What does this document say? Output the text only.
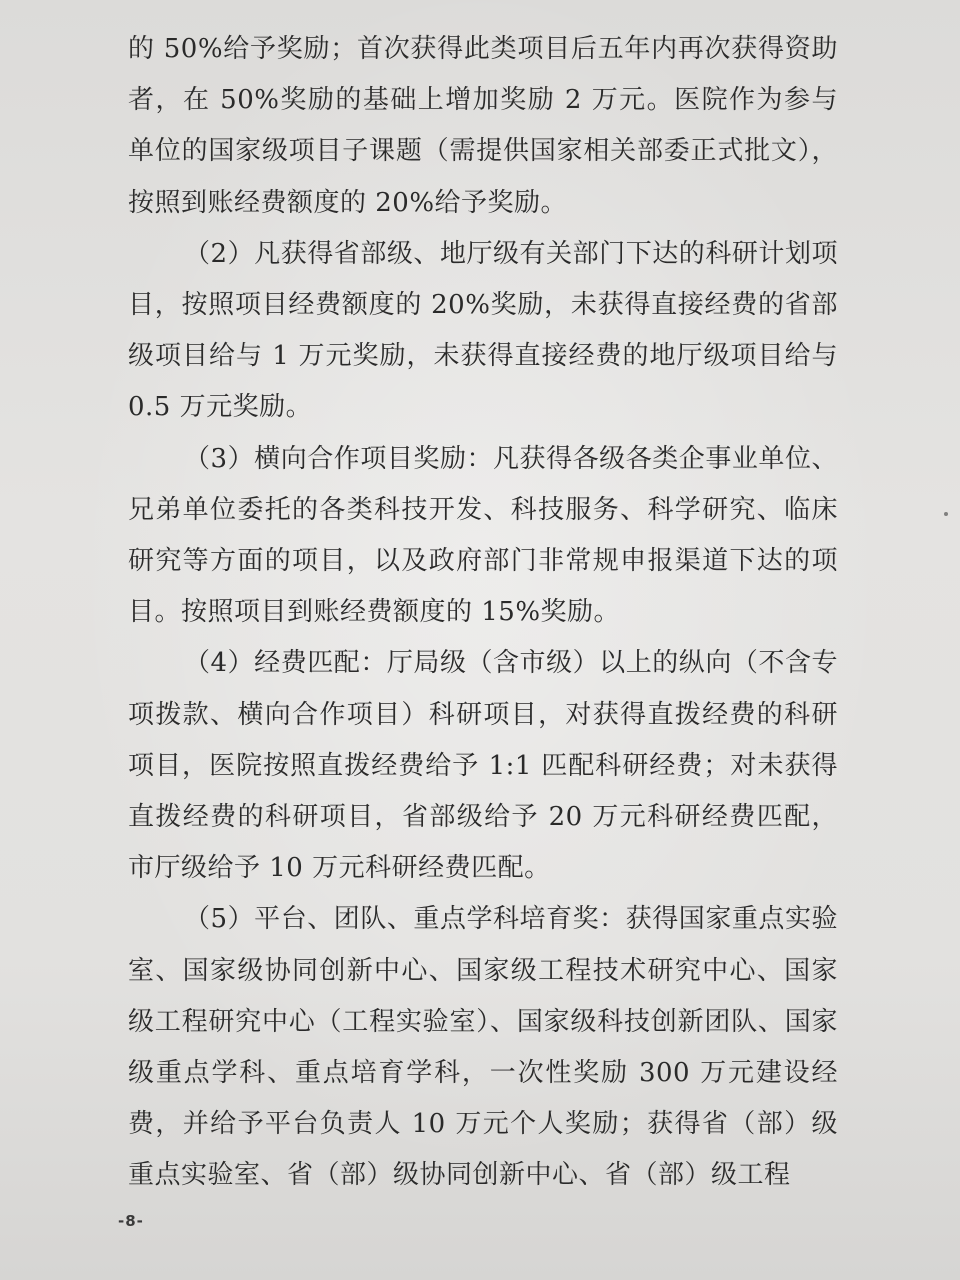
的 50%给予奖励；首次获得此类项目后五年内再次获得资助者，在 50%奖励的基础上增加奖励 2 万元。医院作为参与单位的国家级项目子课题（需提供国家相关部委正式批文），按照到账经费额度的 20%给予奖励。

（2）凡获得省部级、地厅级有关部门下达的科研计划项目，按照项目经费额度的 20%奖励，未获得直接经费的省部级项目给与 1 万元奖励，未获得直接经费的地厅级项目给与 0.5 万元奖励。

（3）横向合作项目奖励：凡获得各级各类企事业单位、兄弟单位委托的各类科技开发、科技服务、科学研究、临床研究等方面的项目，以及政府部门非常规申报渠道下达的项目。按照项目到账经费额度的 15%奖励。

（4）经费匹配：厅局级（含市级）以上的纵向（不含专项拨款、横向合作项目）科研项目，对获得直拨经费的科研项目，医院按照直拨经费给予 1:1 匹配科研经费；对未获得直拨经费的科研项目，省部级给予 20 万元科研经费匹配，市厅级给予 10 万元科研经费匹配。

（5）平台、团队、重点学科培育奖：获得国家重点实验室、国家级协同创新中心、国家级工程技术研究中心、国家级工程研究中心（工程实验室）、国家级科技创新团队、国家级重点学科、重点培育学科，一次性奖励 300 万元建设经费，并给予平台负责人 10 万元个人奖励；获得省（部）级重点实验室、省（部）级协同创新中心、省（部）级工程

-8-
